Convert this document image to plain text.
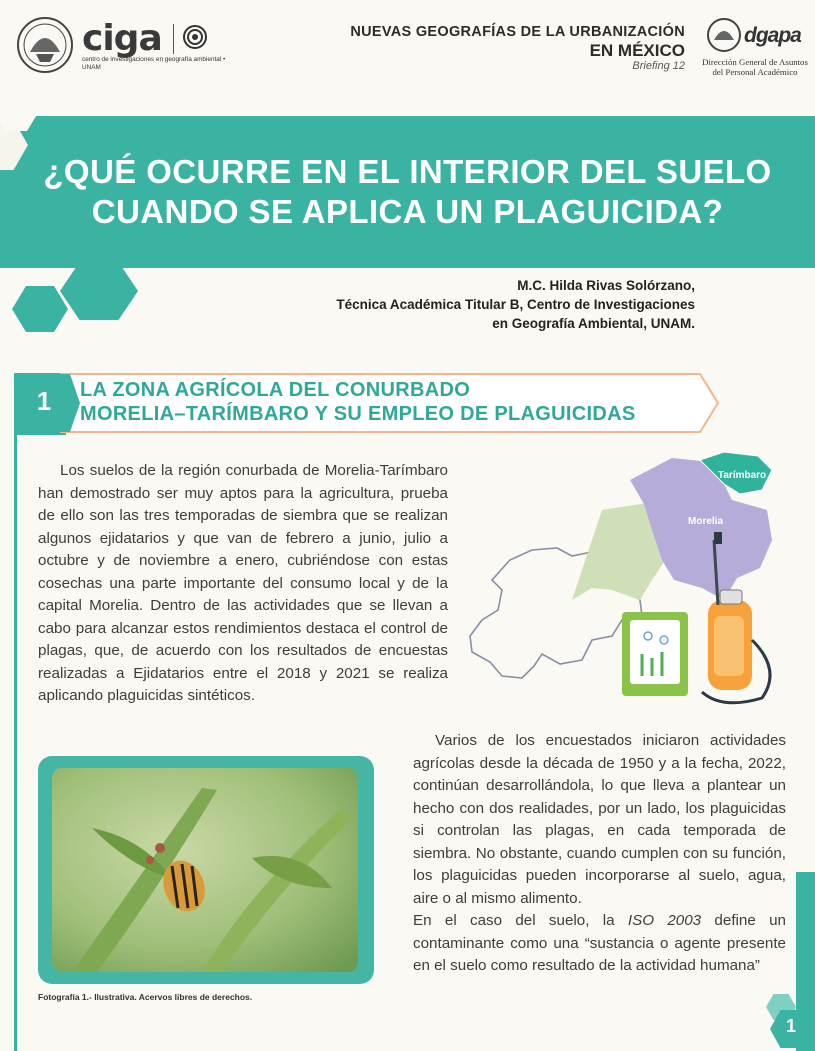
ciga
centro de investigaciones en geografía ambiental • UNAM
NUEVAS GEOGRAFÍAS DE LA URBANIZACIÓN
EN MÉXICO
Briefing 12
dgapa
Dirección General de Asuntos del Personal Académico
¿QUÉ OCURRE EN EL INTERIOR DEL SUELO
CUANDO SE APLICA UN PLAGUICIDA?
M.C. Hilda Rivas Solórzano,
Técnica Académica Titular B, Centro de Investigaciones
en Geografía Ambiental, UNAM.
1	LA ZONA AGRÍCOLA DEL CONURBADO
MORELIA–TARÍMBARO Y SU EMPLEO DE PLAGUICIDAS
Los suelos de la región conurbada de Morelia-Tarímbaro han demostrado ser muy aptos para la agricultura, prueba de ello son las tres temporadas de siembra que se realizan algunos ejidatarios y que van de febrero a junio, julio a octubre y de noviembre a enero, cubriéndose con estas cosechas una parte importante del consumo local y de la capital Morelia. Dentro de las actividades que se llevan a cabo para alcanzar estos rendimientos destaca el control de plagas, que, de acuerdo con los resultados de encuestas realizadas a Ejidatarios entre el 2018 y 2021 se realiza aplicando plaguicidas sintéticos.
Tarímbaro
Morelia
Fotografía 1.- Ilustrativa. Acervos libres de derechos.

Varios de los encuestados iniciaron actividades agrícolas desde la década de 1950 y a la fecha, 2022, continúan desarrollándola, lo que lleva a plantear un hecho con dos realidades, por un lado, los plaguicidas si controlan las plagas, en cada temporada de siembra. No obstante, cuando cumplen con su función, los plaguicidas pueden incorporarse al suelo, agua, aire o al mismo alimento.

En el caso del suelo, la ISO 2003 define un contaminante como una “sustancia o agente presente en el suelo como resultado de la actividad humana”

1
